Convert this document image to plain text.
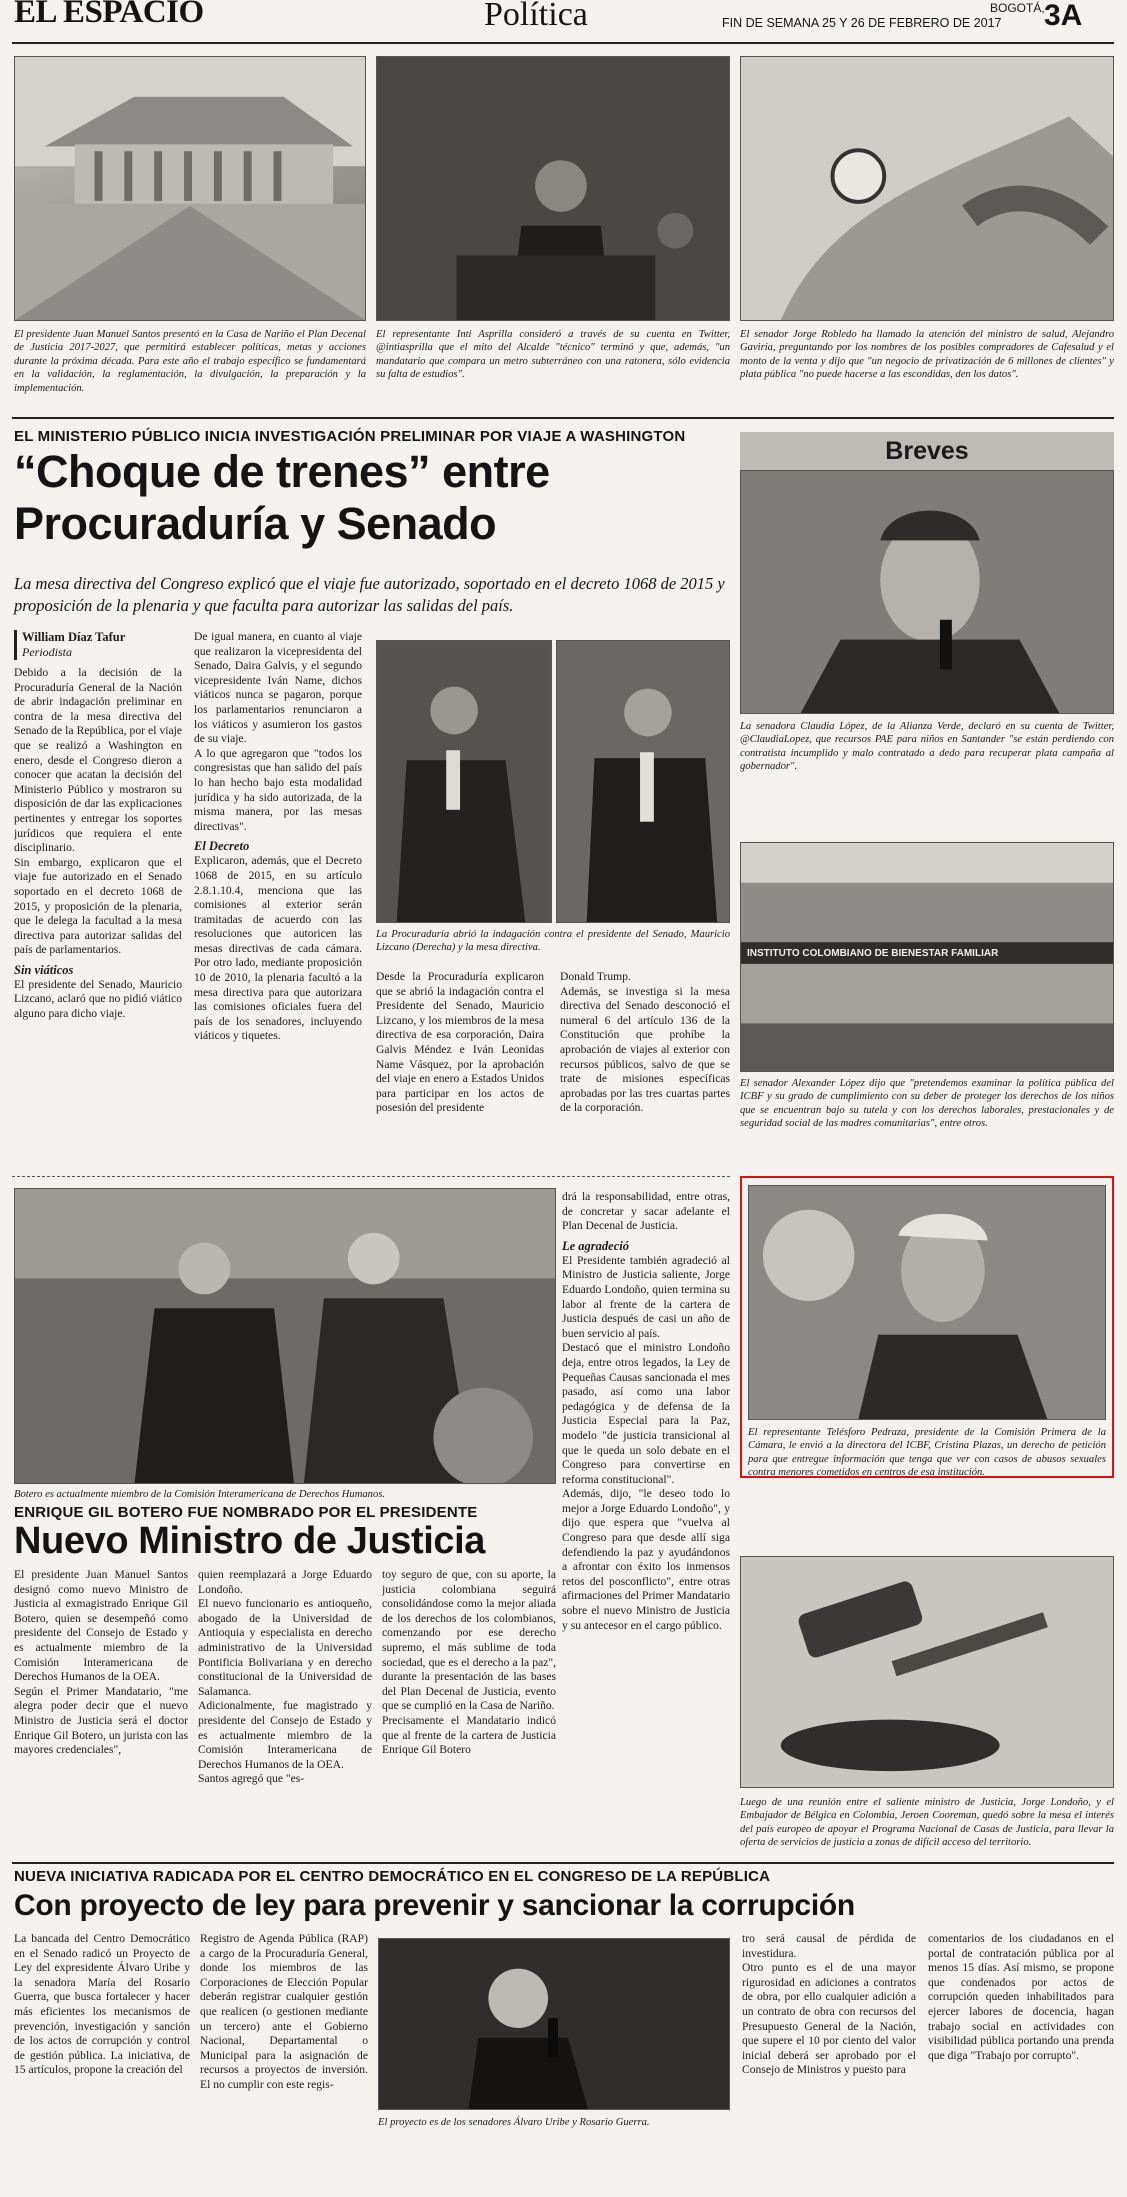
EL ESPACIO	Política	BOGOTÁ,
FIN DE SEMANA 25 Y 26 DE FEBRERO DE 2017 3A
El presidente Juan Manuel Santos presentó en la Casa de Nariño el Plan Decenal de Justicia 2017-2027, que permitirá establecer políticas, metas y acciones durante la próxima década. Para este año el trabajo específico se fundamentará en la validación, la reglamentación, la divulgación, la preparación y la implementación.
El representante Inti Asprilla consideró a través de su cuenta en Twitter, @intiasprilla que el mito del Alcalde "técnico" terminó y que, además, "un mandatario que compara un metro subterráneo con una ratonera, sólo evidencia su falta de estudios".
El senador Jorge Robledo ha llamado la atención del ministro de salud, Alejandro Gaviria, preguntando por los nombres de los posibles compradores de Cafesalud y el monto de la venta y dijo que "un negocio de privatización de 6 millones de clientes" y plata pública "no puede hacerse a las escondidas, den los datos".
EL MINISTERIO PÚBLICO INICIA INVESTIGACIÓN PRELIMINAR POR VIAJE A WASHINGTON
“Choque de trenes” entre
Procuraduría y Senado
La mesa directiva del Congreso explicó que el viaje fue autorizado, soportado en el decreto 1068 de 2015 y proposición de la plenaria y que faculta para autorizar las salidas del país.
William Díaz Tafur
Periodista

Debido a la decisión de la Procuraduría General de la Nación de abrir indagación preliminar en contra de la mesa directiva del Senado de la República, por el viaje que se realizó a Washington en enero, desde el Congreso dieron a conocer que acatan la decisión del Ministerio Público y mostraron su disposición de dar las explicaciones pertinentes y entregar los soportes jurídicos que requiera el ente disciplinario.

Sin embargo, explicaron que el viaje fue autorizado en el Senado soportado en el decreto 1068 de 2015, y proposición de la plenaria, que le delega la facultad a la mesa directiva para autorizar salidas del país de parlamentarios.

Sin viáticos

El presidente del Senado, Mauricio Lizcano, aclaró que no pidió viático alguno para dicho viaje.

De igual manera, en cuanto al viaje que realizaron la vicepresidenta del Senado, Daira Galvis, y el segundo vicepresidente Iván Name, dichos viáticos nunca se pagaron, porque los parlamentarios renunciaron a los viáticos y asumieron los gastos de su viaje.

A lo que agregaron que "todos los congresistas que han salido del país lo han hecho bajo esta modalidad jurídica y ha sido autorizada, de la misma manera, por las mesas directivas".

El Decreto

Explicaron, además, que el Decreto 1068 de 2015, en su artículo 2.8.1.10.4, menciona que las comisiones al exterior serán tramitadas de acuerdo con las resoluciones que autoricen las mesas directivas de cada cámara. Por otro lado, mediante proposición 10 de 2010, la plenaria facultó a la mesa directiva para que autorizara las comisiones oficiales fuera del país de los senadores, incluyendo viáticos y tiquetes.

La Procuraduría abrió la indagación contra el presidente del Senado, Mauricio Lizcano (Derecha) y la mesa directiva.

Desde la Procuraduría explicaron que se abrió la indagación contra el Presidente del Senado, Mauricio Lizcano, y los miembros de la mesa directiva de esa corporación, Daira Galvis Méndez e Iván Leonidas Name Vásquez, por la aprobación del viaje en enero a Estados Unidos para participar en los actos de posesión del presidente

Donald Trump.

Además, se investiga si la mesa directiva del Senado desconoció el numeral 6 del artículo 136 de la Constitución que prohíbe la aprobación de viajes al exterior con recursos públicos, salvo de que se trate de misiones específicas aprobadas por las tres cuartas partes de la corporación.

Breves
La senadora Claudia López, de la Alianza Verde, declaró en su cuenta de Twitter, @ClaudiaLopez, que recursos PAE para niños en Santander "se están perdiendo con contratista incumplido y malo contratado a dedo para recuperar plata campaña al gobernador".
INSTITUTO COLOMBIANO DE BIENESTAR FAMILIAR
El senador Alexander López dijo que "pretendemos examinar la política pública del ICBF y su grado de cumplimiento con su deber de proteger los derechos de los niños que se encuentran bajo su tutela y con los derechos laborales, prestacionales y de seguridad social de las madres comunitarias", entre otros.
El representante Telésforo Pedraza, presidente de la Comisión Primera de la Cámara, le envió a la directora del ICBF, Cristina Plazas, un derecho de petición para que entregue información que tenga que ver con casos de abusos sexuales contra menores cometidos en centros de esa institución.
Luego de una reunión entre el saliente ministro de Justicia, Jorge Londoño, y el Embajador de Bélgica en Colombia, Jeroen Cooreman, quedó sobre la mesa el interés del país europeo de apoyar el Programa Nacional de Casas de Justicia, para llevar la oferta de servicios de justicia a zonas de difícil acceso del territorio.
Botero es actualmente miembro de la Comisión Interamericana de Derechos Humanos.
ENRIQUE GIL BOTERO FUE NOMBRADO POR EL PRESIDENTE
Nuevo Ministro de Justicia

El presidente Juan Manuel Santos designó como nuevo Ministro de Justicia al exmagistrado Enrique Gil Botero, quien se desempeñó como presidente del Consejo de Estado y es actualmente miembro de la Comisión Interamericana de Derechos Humanos de la OEA.

Según el Primer Mandatario, "me alegra poder decir que el nuevo Ministro de Justicia será el doctor Enrique Gil Botero, un jurista con las mayores credenciales",

quien reemplazará a Jorge Eduardo Londoño.

El nuevo funcionario es antioqueño, abogado de la Universidad de Antioquia y especialista en derecho administrativo de la Universidad Pontificia Bolivariana y en derecho constitucional de la Universidad de Salamanca.

Adicionalmente, fue magistrado y presidente del Consejo de Estado y es actualmente miembro de la Comisión Interamericana de Derechos Humanos de la OEA.

Santos agregó que "es-

toy seguro de que, con su aporte, la justicia colombiana seguirá consolidándose como la mejor aliada de los derechos de los colombianos, comenzando por ese derecho supremo, el más sublime de toda sociedad, que es el derecho a la paz", durante la presentación de las bases del Plan Decenal de Justicia, evento que se cumplió en la Casa de Nariño.

Precisamente el Mandatario indicó que al frente de la cartera de Justicia Enrique Gil Botero

drá la responsabilidad, entre otras, de concretar y sacar adelante el Plan Decenal de Justicia.

Le agradeció

El Presidente también agradeció al Ministro de Justicia saliente, Jorge Eduardo Londoño, quien termina su labor al frente de la cartera de Justicia después de casi un año de buen servicio al país.

Destacó que el ministro Londoño deja, entre otros legados, la Ley de Pequeñas Causas sancionada el mes pasado, así como una labor pedagógica y de defensa de la Justicia Especial para la Paz, modelo "de justicia transicional al que le queda un solo debate en el Congreso para convertirse en reforma constitucional".

Además, dijo, "le deseo todo lo mejor a Jorge Eduardo Londoño", y dijo que espera que "vuelva al Congreso para que desde allí siga defendiendo la paz y ayudándonos a afrontar con éxito los inmensos retos del posconflicto", entre otras afirmaciones del Primer Mandatario sobre el nuevo Ministro de Justicia y su antecesor en el cargo público.

NUEVA INICIATIVA RADICADA POR EL CENTRO DEMOCRÁTICO EN EL CONGRESO DE LA REPÚBLICA
Con proyecto de ley para prevenir y sancionar la corrupción

La bancada del Centro Democrático en el Senado radicó un Proyecto de Ley del expresidente Álvaro Uribe y la senadora María del Rosario Guerra, que busca fortalecer y hacer más eficientes los mecanismos de prevención, investigación y sanción de los actos de corrupción y control de gestión pública. La iniciativa, de 15 artículos, propone la creación del

Registro de Agenda Pública (RAP) a cargo de la Procuraduría General, donde los miembros de las Corporaciones de Elección Popular deberán registrar cualquier gestión que realicen (o gestionen mediante un tercero) ante el Gobierno Nacional, Departamental o Municipal para la asignación de recursos a proyectos de inversión. El no cumplir con este regis-

El proyecto es de los senadores Álvaro Uribe y Rosario Guerra.

tro será causal de pérdida de investidura.

Otro punto es el de una mayor rigurosidad en adiciones a contratos de obra, por ello cualquier adición a un contrato de obra con recursos del Presupuesto General de la Nación, que supere el 10 por ciento del valor inicial deberá ser aprobado por el Consejo de Ministros y puesto para

comentarios de los ciudadanos en el portal de contratación pública por al menos 15 días. Así mismo, se propone que condenados por actos de corrupción queden inhabilitados para ejercer labores de docencia, hagan trabajo social en actividades con visibilidad pública portando una prenda que diga "Trabajo por corrupto".
